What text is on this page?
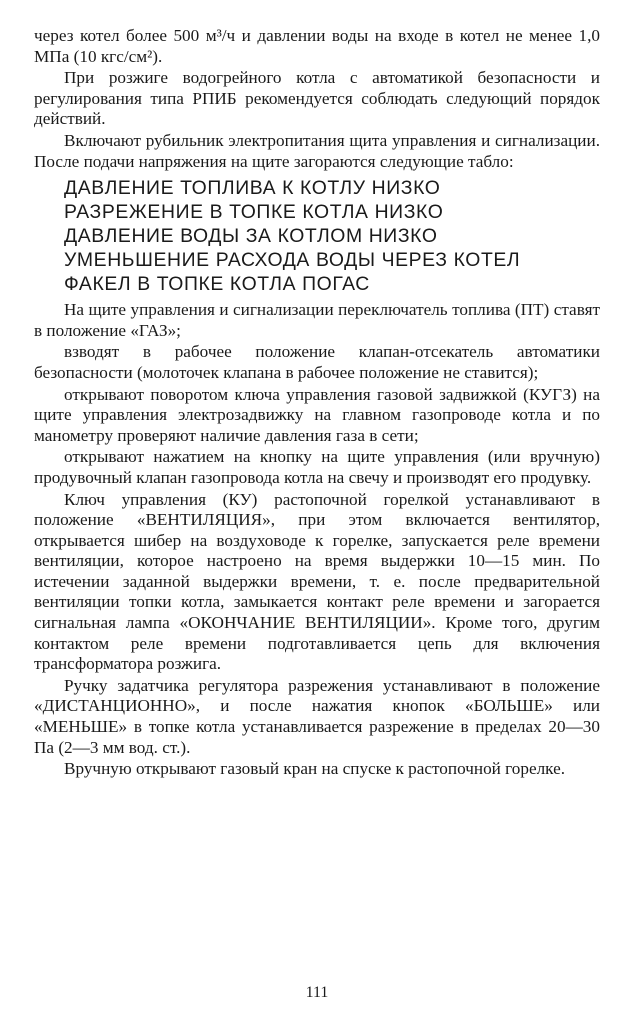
через котел более 500 м³/ч и давлении воды на входе в котел не менее 1,0 МПа (10 кгс/см²).

При розжиге водогрейного котла с автоматикой безопасности и регулирования типа РПИБ рекомендуется соблюдать следующий порядок действий.

Включают рубильник электропитания щита управления и сигнализации. После подачи напряжения на щите загораются следующие табло:

ДАВЛЕНИЕ ТОПЛИВА К КОТЛУ НИЗКО
РАЗРЕЖЕНИЕ В ТОПКЕ КОТЛА НИЗКО
ДАВЛЕНИЕ ВОДЫ ЗА КОТЛОМ НИЗКО
УМЕНЬШЕНИЕ РАСХОДА ВОДЫ ЧЕРЕЗ КОТЕЛ
ФАКЕЛ В ТОПКЕ КОТЛА ПОГАС

На щите управления и сигнализации переключатель топлива (ПТ) ставят в положение «ГАЗ»;

взводят в рабочее положение клапан-отсекатель автоматики безопасности (молоточек клапана в рабочее положение не ставится);

открывают поворотом ключа управления газовой задвижкой (КУГЗ) на щите управления электрозадвижку на главном газопроводе котла и по манометру проверяют наличие давления газа в сети;

открывают нажатием на кнопку на щите управления (или вручную) продувочный клапан газопровода котла на свечу и производят его продувку.

Ключ управления (КУ) растопочной горелкой устанавливают в положение «ВЕНТИЛЯЦИЯ», при этом включается вентилятор, открывается шибер на воздуховоде к горелке, запускается реле времени вентиляции, которое настроено на время выдержки 10—15 мин. По истечении заданной выдержки времени, т. е. после предварительной вентиляции топки котла, замыкается контакт реле времени и загорается сигнальная лампа «ОКОНЧАНИЕ ВЕНТИЛЯЦИИ». Кроме того, другим контактом реле времени подготавливается цепь для включения трансформатора розжига.

Ручку задатчика регулятора разрежения устанавливают в положение «ДИСТАНЦИОННО», и после нажатия кнопок «БОЛЬШЕ» или «МЕНЬШЕ» в топке котла устанавливается разрежение в пределах 20—30 Па (2—3 мм вод. ст.).

Вручную открывают газовый кран на спуске к растопочной горелке.

111
